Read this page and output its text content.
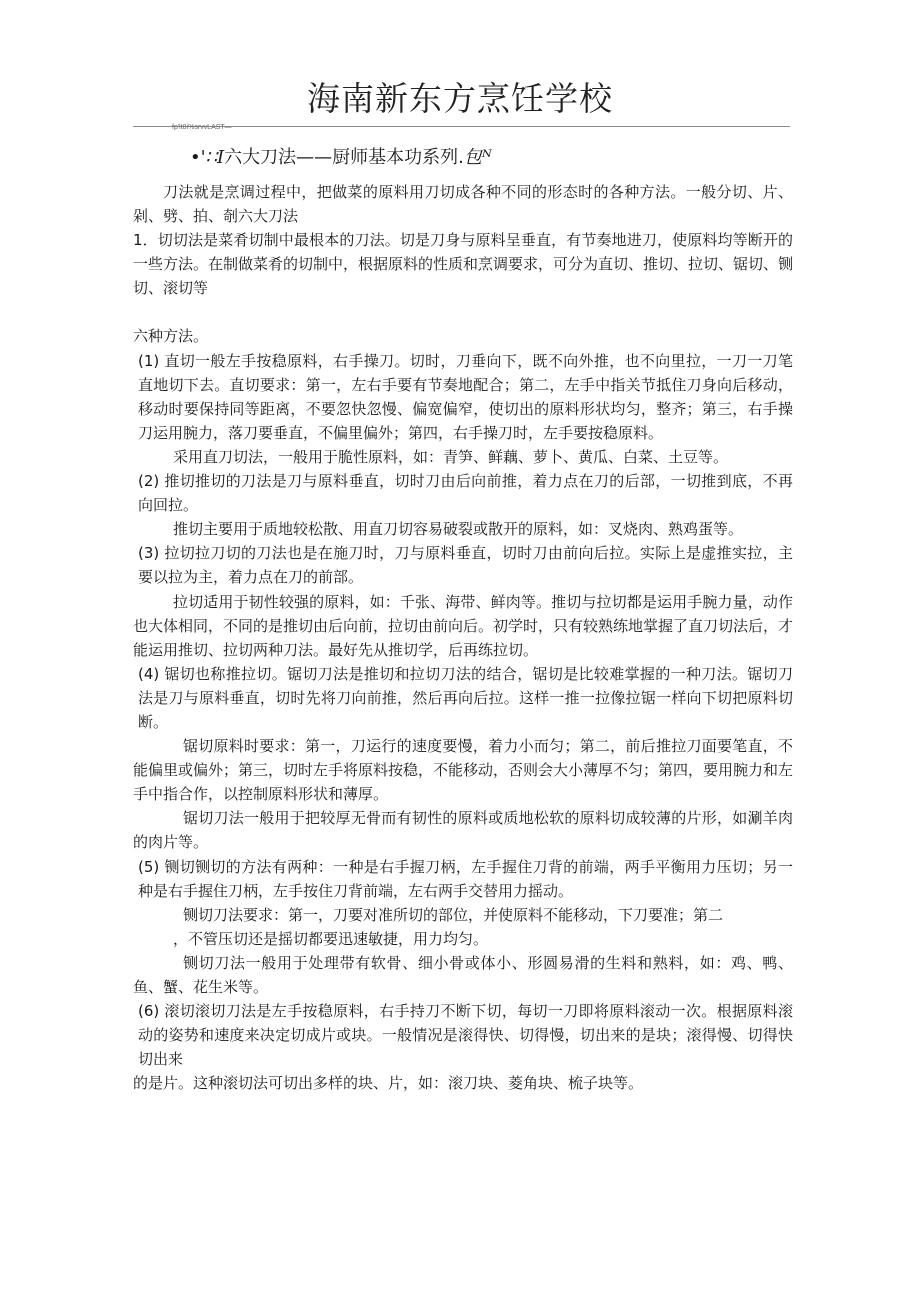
海南新东方烹饪学校
fp'lt8i%srvvLAST—
•'∷I六大刀法——厨师基本功系列.包ᴺ

刀法就是烹调过程中，把做菜的原料用刀切成各种不同的形态时的各种方法。一般分切、片、剁、劈、拍、剞六大刀法

1．切切法是菜肴切制中最根本的刀法。切是刀身与原料呈垂直，有节奏地进刀，使原料均等断开的一些方法。在制做菜肴的切制中，根据原料的性质和烹调要求，可分为直切、推切、拉切、锯切、铡切、滚切等

六种方法。

(1) 直切一般左手按稳原料，右手操刀。切时，刀垂向下，既不向外推，也不向里拉，一刀一刀笔直地切下去。直切要求：第一，左右手要有节奏地配合；第二，左手中指关节抵住刀身向后移动，移动时要保持同等距离，不要忽快忽慢、偏宽偏窄，使切出的原料形状均匀，整齐；第三，右手操刀运用腕力，落刀要垂直，不偏里偏外；第四，右手操刀时，左手要按稳原料。

采用直刀切法，一般用于脆性原料，如：青笋、鲜藕、萝卜、黄瓜、白菜、土豆等。

(2) 推切推切的刀法是刀与原料垂直，切时刀由后向前推，着力点在刀的后部，一切推到底，不再向回拉。

推切主要用于质地较松散、用直刀切容易破裂或散开的原料，如：叉烧肉、熟鸡蛋等。

(3) 拉切拉刀切的刀法也是在施刀时，刀与原料垂直，切时刀由前向后拉。实际上是虚推实拉，主要以拉为主，着力点在刀的前部。

拉切适用于韧性较强的原料，如：千张、海带、鲜肉等。推切与拉切都是运用手腕力量，动作也大体相同，不同的是推切由后向前，拉切由前向后。初学时，只有较熟练地掌握了直刀切法后，才能运用推切、拉切两种刀法。最好先从推切学，后再练拉切。

(4) 锯切也称推拉切。锯切刀法是推切和拉切刀法的结合，锯切是比较难掌握的一种刀法。锯切刀法是刀与原料垂直，切时先将刀向前推，然后再向后拉。这样一推一拉像拉锯一样向下切把原料切断。

锯切原料时要求：第一，刀运行的速度要慢，着力小而匀；第二，前后推拉刀面要笔直，不能偏里或偏外；第三，切时左手将原料按稳，不能移动，否则会大小薄厚不匀；第四，要用腕力和左手中指合作，以控制原料形状和薄厚。

锯切刀法一般用于把较厚无骨而有韧性的原料或质地松软的原料切成较薄的片形，如涮羊肉的肉片等。

(5) 铡切铡切的方法有两种：一种是右手握刀柄，左手握住刀背的前端，两手平衡用力压切；另一种是右手握住刀柄，左手按住刀背前端，左右两手交替用力摇动。

铡切刀法要求：第一，刀要对准所切的部位，并使原料不能移动，下刀要准；第二

，不管压切还是摇切都要迅速敏捷，用力均匀。

铡切刀法一般用于处理带有软骨、细小骨或体小、形圆易滑的生料和熟料，如：鸡、鸭、鱼、蟹、花生米等。

(6) 滚切滚切刀法是左手按稳原料，右手持刀不断下切，每切一刀即将原料滚动一次。根据原料滚动的姿势和速度来决定切成片或块。一般情况是滚得快、切得慢，切出来的是块；滚得慢、切得快切出来

的是片。这种滚切法可切出多样的块、片，如：滚刀块、菱角块、梳子块等。
